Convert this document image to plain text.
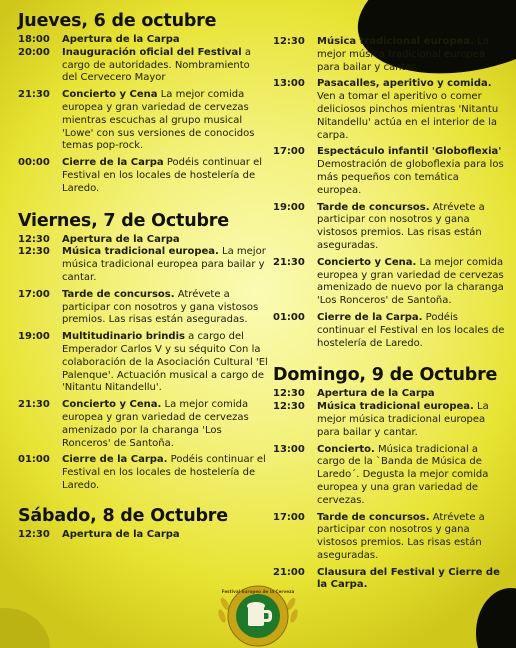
Jueves, 6 de octubre
18:00	Apertura de la Carpa
20:00	Inauguración oficial del Festival a cargo de autoridades. Nombramiento del Cervecero Mayor
21:30	Concierto y Cena La mejor comida europea y gran variedad de cervezas mientras escuchas al grupo musical 'Lowe' con sus versiones de conocidos temas pop-rock.
00:00	Cierre de la Carpa Podéis continuar el Festival en los locales de hostelería de Laredo.
Viernes, 7 de Octubre
12:30	Apertura de la Carpa
12:30	Música tradicional europea. La mejor música tradicional europea para bailar y cantar.
17:00	Tarde de concursos. Atrévete a participar con nosotros y gana vistosos premios. Las risas están aseguradas.
19:00	Multitudinario brindis a cargo del Emperador Carlos V y su séquito Con la colaboración de la Asociación Cultural 'El Palenque'. Actuación musical a cargo de 'Nitantu Nitandellu'.
21:30	Concierto y Cena. La mejor comida europea y gran variedad de cervezas amenizado por la charanga 'Los Ronceros' de Santoña.
01:00	Cierre de la Carpa. Podéis continuar el Festival en los locales de hostelería de Laredo.
Sábado, 8 de Octubre
12:30	Apertura de la Carpa
12:30	Música tradicional europea. La mejor música tradicional europea para bailar y cantar.
13:00	Pasacalles, aperitivo y comida. Ven a tomar el aperitivo o comer deliciosos pinchos mientras 'Nitantu Nitandellu' actúa en el interior de la carpa.
17:00	Espectáculo infantil 'Globoflexia' Demostración de globoflexia para los más pequeños con temática europea.
19:00	Tarde de concursos. Atrévete a participar con nosotros y gana vistosos premios. Las risas están aseguradas.
21:30	Concierto y Cena. La mejor comida europea y gran variedad de cervezas amenizado de nuevo por la charanga 'Los Ronceros' de Santoña.
01:00	Cierre de la Carpa. Podéis continuar el Festival en los locales de hostelería de Laredo.
Domingo, 9 de Octubre
12:30	Apertura de la Carpa
12:30	Música tradicional europea. La mejor música tradicional europea para bailar y cantar.
13:00	Concierto. Música tradicional a cargo de la `Banda de Música de Laredo´. Degusta la mejor comida europea y una gran variedad de cervezas.
17:00	Tarde de concursos. Atrévete a participar con nosotros y gana vistosos premios. Las risas están aseguradas.
21:00	Clausura del Festival y Cierre de la Carpa.
Festival Europeo de la Cerveza
